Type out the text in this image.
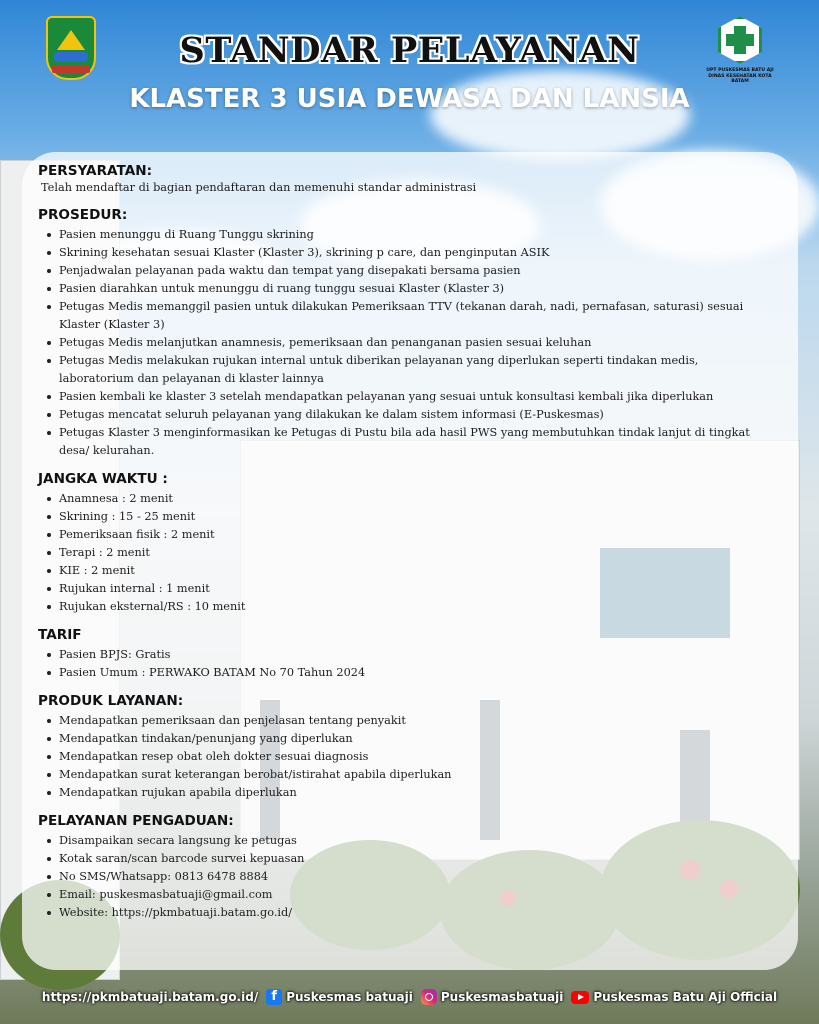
UPT PUSKESMAS BATU AJI
DINAS KESEHATAN KOTA BATAM
STANDAR PELAYANAN
KLASTER 3 USIA DEWASA DAN LANSIA
PERSYARATAN:
Telah mendaftar di bagian pendaftaran dan memenuhi standar administrasi
PROSEDUR:
Pasien menunggu di Ruang Tunggu skrining
Skrining kesehatan sesuai Klaster (Klaster 3), skrining p care, dan penginputan ASIK
Penjadwalan pelayanan pada waktu dan tempat yang disepakati bersama pasien
Pasien diarahkan untuk menunggu di ruang tunggu sesuai Klaster (Klaster 3)
Petugas Medis memanggil pasien untuk dilakukan Pemeriksaan TTV (tekanan darah, nadi, pernafasan, saturasi) sesuai Klaster (Klaster 3)
Petugas Medis melanjutkan anamnesis, pemeriksaan dan penanganan pasien sesuai keluhan
Petugas Medis melakukan rujukan internal untuk diberikan pelayanan yang diperlukan seperti tindakan medis, laboratorium dan pelayanan di klaster lainnya
Pasien kembali ke klaster 3 setelah mendapatkan pelayanan yang sesuai untuk konsultasi kembali jika diperlukan
Petugas mencatat seluruh pelayanan yang dilakukan ke dalam sistem informasi (E-Puskesmas)
Petugas Klaster 3 menginformasikan ke Petugas di Pustu bila ada hasil PWS yang membutuhkan tindak lanjut di tingkat desa/ kelurahan.
JANGKA WAKTU :
Anamnesa : 2 menit
Skrining : 15 - 25 menit
Pemeriksaan fisik : 2 menit
Terapi : 2 menit
KIE : 2 menit
Rujukan internal : 1 menit
Rujukan eksternal/RS : 10 menit
TARIF
Pasien BPJS: Gratis
Pasien Umum : PERWAKO BATAM No 70 Tahun 2024
PRODUK LAYANAN:
Mendapatkan pemeriksaan dan penjelasan tentang penyakit
Mendapatkan tindakan/penunjang yang diperlukan
Mendapatkan resep obat oleh dokter sesuai diagnosis
Mendapatkan surat keterangan berobat/istirahat apabila diperlukan
Mendapatkan rujukan apabila diperlukan
PELAYANAN PENGADUAN:
Disampaikan secara langsung ke petugas
Kotak saran/scan barcode survei kepuasan
No SMS/Whatsapp: 0813 6478 8884
Email: puskesmasbatuaji@gmail.com
Website: https://pkmbatuaji.batam.go.id/
https://pkmbatuaji.batam.go.id/	f Puskesmas batuaji Puskesmasbatuaji	Puskesmas Batu Aji Official
